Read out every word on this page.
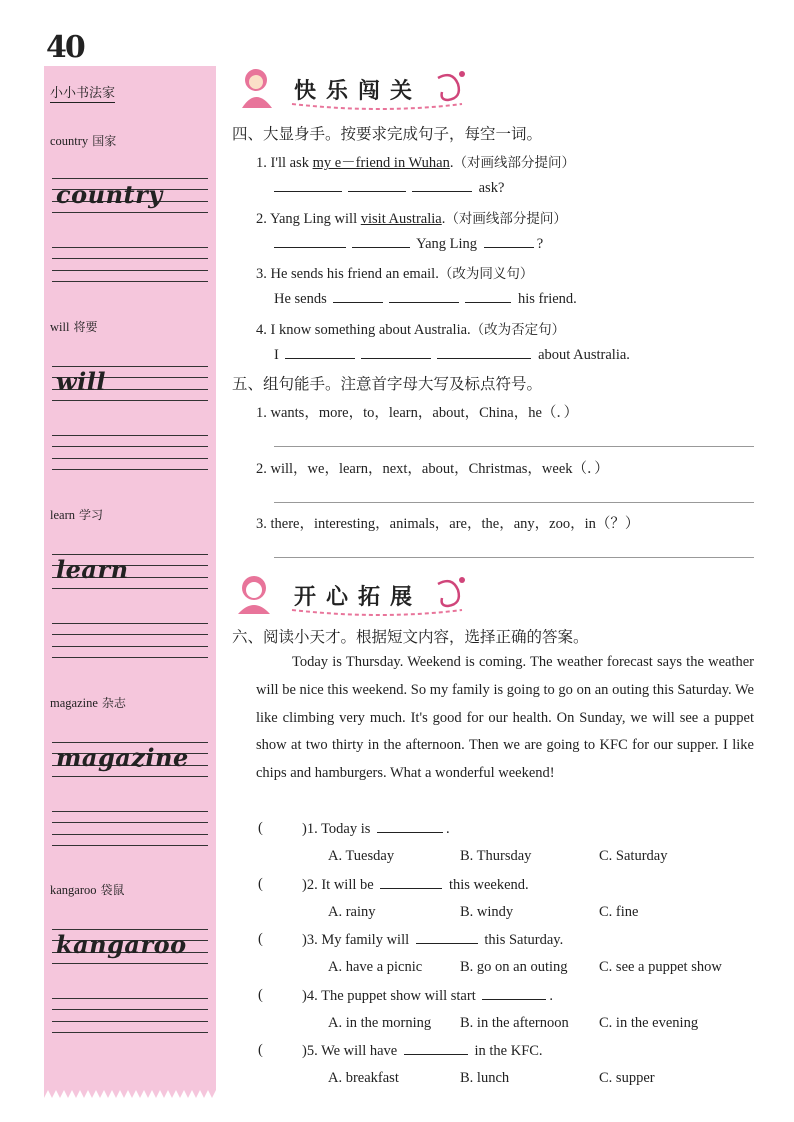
40
小小书法家
country 国家
country
will 将要
will
learn 学习
learn
magazine 杂志
magazine
kangaroo 袋鼠
kangaroo
快乐闯关
四、大显身手。按要求完成句子，每空一词。
1. I'll ask my e－friend in Wuhan.（对画线部分提问）
ask?
2. Yang Ling will visit Australia.（对画线部分提问）
Yang Ling	?
3. He sends his friend an email.（改为同义句）
He sends	his friend.
4. I know something about Australia.（改为否定句）
I	about Australia.
五、组句能手。注意首字母大写及标点符号。
1. wants，more，to，learn，about，China，he（．）
2. will，we，learn，next，about，Christmas，week（．）
3. there，interesting，animals，are，the，any，zoo，in（？）
开心拓展
六、阅读小天才。根据短文内容，选择正确的答案。
Today is Thursday. Weekend is coming. The weather forecast says the weather will be nice this weekend. So my family is going to go on an outing this Saturday. We like climbing very much. It's good for our health. On Sunday, we will see a puppet show at two thirty in the afternoon. Then we are going to KFC for our supper. I like chips and hamburgers. What a wonderful weekend!
(	)1. Today is	.
A. Tuesday	B. Thursday	C. Saturday
(	)2. It will be	this weekend.
A. rainy	B. windy	C. fine
(	)3. My family will	this Saturday.
A. have a picnic	B. go on an outing C. see a puppet show
(	)4. The puppet show will start	.
A. in the morning B. in the afternoon C. in the evening
(	)5. We will have	in the KFC.
A. breakfast	B. lunch	C. supper
